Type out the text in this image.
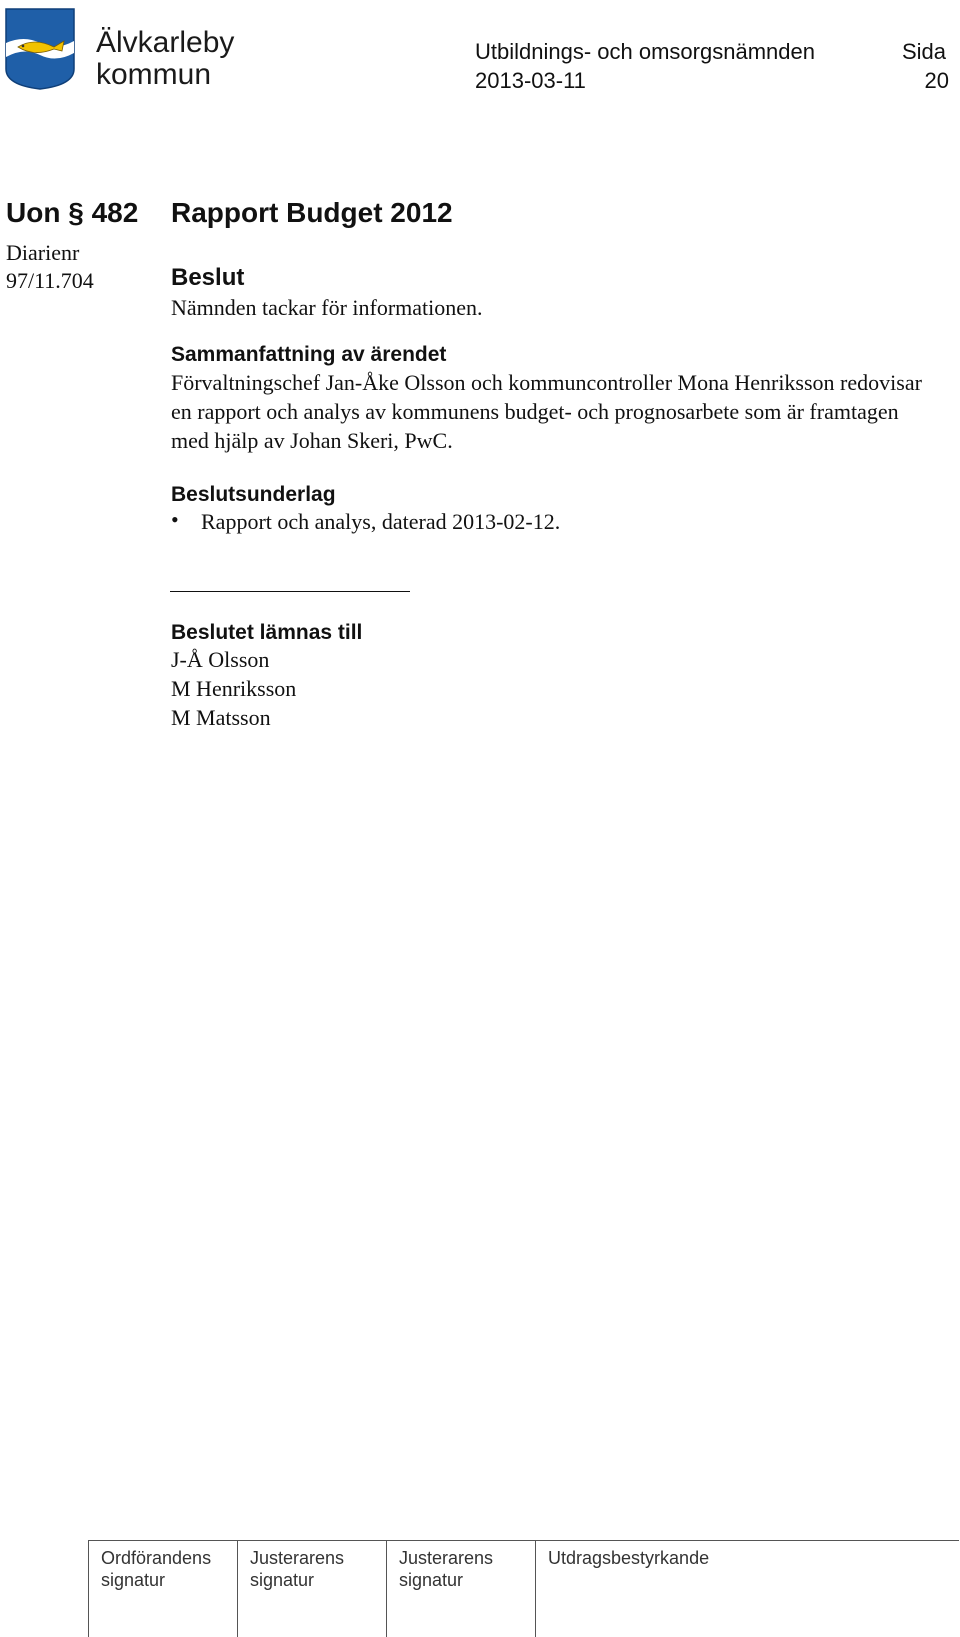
Älvkarleby
kommun
Utbildnings- och omsorgsnämnden
2013-03-11
Sida
20
Uon § 482
Diarienr
97/11.704
Rapport Budget 2012
Beslut
Nämnden tackar för informationen.
Sammanfattning av ärendet
Förvaltningschef Jan-Åke Olsson och kommuncontroller Mona Henriksson redovisar en rapport och analys av kommunens budget- och prognosarbete som är framtagen med hjälp av Johan Skeri, PwC.
Beslutsunderlag
• Rapport och analys, daterad 2013-02-12.
Beslutet lämnas till
J-Å Olsson
M Henriksson
M Matsson
Ordförandens
signatur
Justerarens
signatur
Justerarens
signatur
Utdragsbestyrkande
